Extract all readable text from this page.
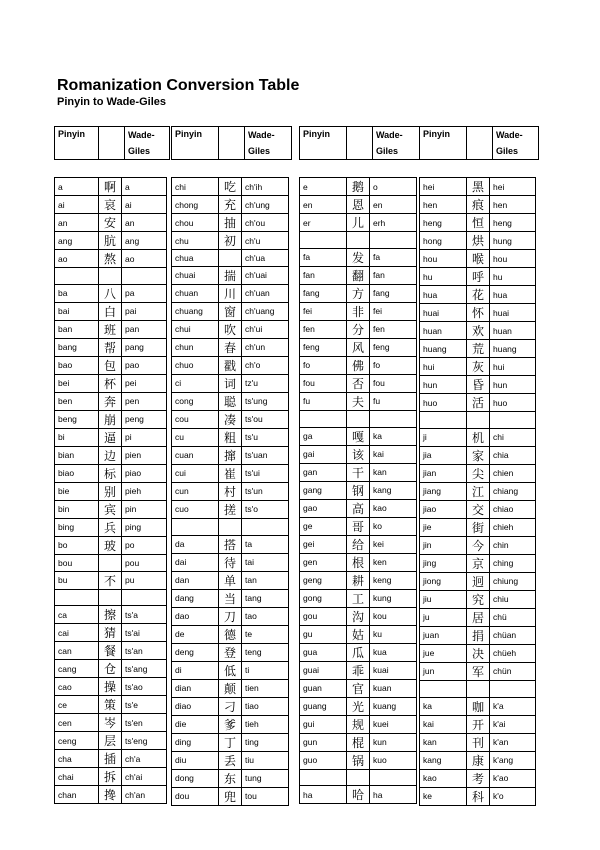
Romanization Conversion Table
Pinyin to Wade-Giles
Pinyin		Wade-
Giles
a	啊	a
ai	哀	ai
an	安	an
ang	肮	ang
ao	熬	ao

ba	八	pa
bai	白	pai
ban	班	pan
bang	帮	pang
bao	包	pao
bei	杯	pei
ben	奔	pen
beng	崩	peng
bi	逼	pi
bian	边	pien
biao	标	piao
bie	别	pieh
bin	宾	pin
bing	兵	ping
bo	玻	po
bou		pou
bu	不	pu

ca	擦	ts'a
cai	猜	ts'ai
can	餐	ts'an
cang	仓	ts'ang
cao	操	ts'ao
ce	策	ts'e
cen	岑	ts'en
ceng	层	ts'eng
cha	插	ch'a
chai	拆	ch'ai
chan	搀	ch'an
Pinyin		Wade-
Giles
chi	吃	ch'ih
chong	充	ch'ung
chou	抽	ch'ou
chu	初	ch'u
chua		ch'ua
chuai	揣	ch'uai
chuan	川	ch'uan
chuang	窗	ch'uang
chui	吹	ch'ui
chun	春	ch'un
chuo	戳	ch'o
ci	词	tz'u
cong	聪	ts'ung
cou	凑	ts'ou
cu	粗	ts'u
cuan	撺	ts'uan
cui	崔	ts'ui
cun	村	ts'un
cuo	搓	ts'o

da	搭	ta
dai	待	tai
dan	单	tan
dang	当	tang
dao	刀	tao
de	德	te
deng	登	teng
di	低	ti
dian	颠	tien
diao	刁	tiao
die	爹	tieh
ding	丁	ting
diu	丢	tiu
dong	东	tung
dou	兜	tou
Pinyin		Wade-
Giles
e	鹅	o
en	恩	en
er	儿	erh

fa	发	fa
fan	翻	fan
fang	方	fang
fei	非	fei
fen	分	fen
feng	风	feng
fo	佛	fo
fou	否	fou
fu	夫	fu

ga	嘎	ka
gai	该	kai
gan	干	kan
gang	钢	kang
gao	高	kao
ge	哥	ko
gei	给	kei
gen	根	ken
geng	耕	keng
gong	工	kung
gou	沟	kou
gu	姑	ku
gua	瓜	kua
guai	乖	kuai
guan	官	kuan
guang	光	kuang
gui	规	kuei
gun	棍	kun
guo	锅	kuo

ha	哈	ha
Pinyin		Wade-
Giles
hei	黑	hei
hen	痕	hen
heng	恒	heng
hong	烘	hung
hou	喉	hou
hu	呼	hu
hua	花	hua
huai	怀	huai
huan	欢	huan
huang	荒	huang
hui	灰	hui
hun	昏	hun
huo	活	huo

ji	机	chi
jia	家	chia
jian	尖	chien
jiang	江	chiang
jiao	交	chiao
jie	街	chieh
jin	今	chin
jing	京	ching
jiong	迥	chiung
jiu	究	chiu
ju	居	chü
juan	捐	chüan
jue	决	chüeh
jun	军	chün

ka	咖	k'a
kai	开	k'ai
kan	刊	k'an
kang	康	k'ang
kao	考	k'ao
ke	科	k'o
